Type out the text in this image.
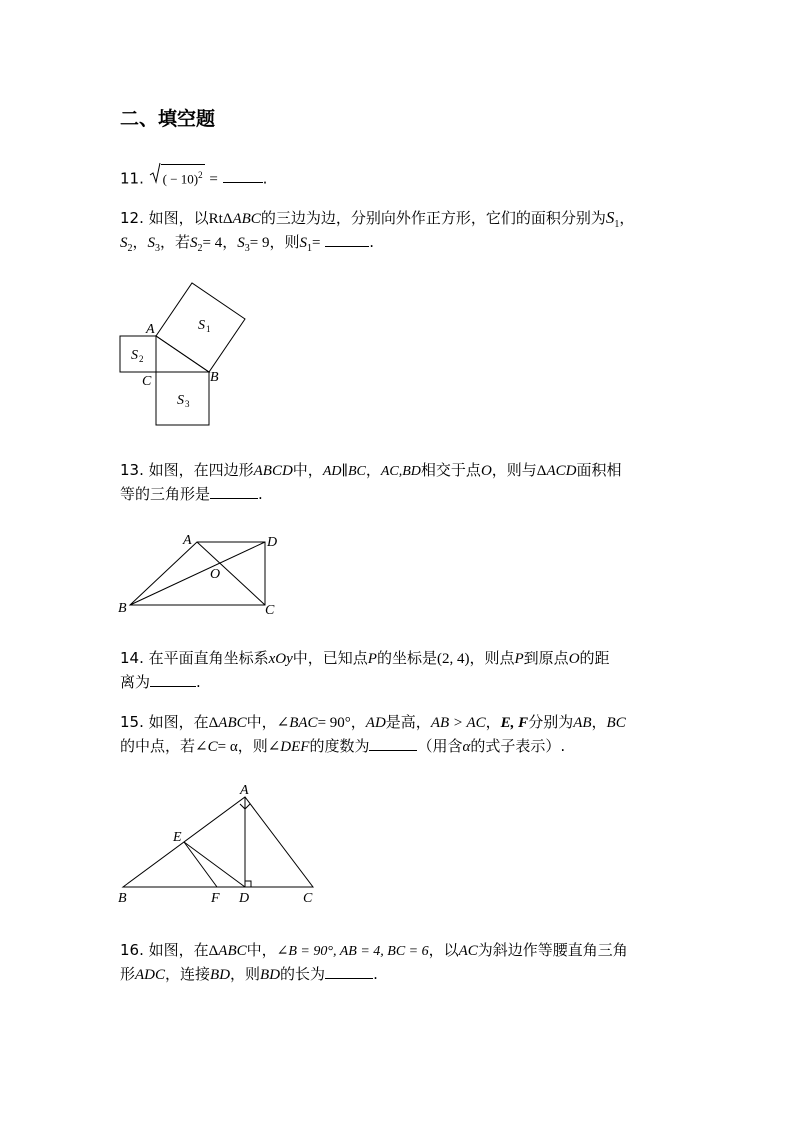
二、填空题
11. ( − 10)$^2$ =	.
12. 如图，以RtΔABC的三边为边，分别向外作正方形，它们的面积分别为$S_1$，
$S_2$，$S_3$，若$S_2= 4$，$S_3= 9$，则$S_1=$	.
A
B
C
S 1
S 2
S 3
13. 如图，在四边形ABCD中，AD∥BC，AC,BD相交于点O，则与ΔACD面积相
等的三角形是	.
A	D
B	C
O
14. 在平面直角坐标系xOy中，已知点P的坐标是(2, 4)，则点P到原点O的距
离为	.
15. 如图，在ΔABC中，∠BAC= 90°，AD是高，AB > AC，E, F分别为AB，BC
的中点，若∠C= α，则∠DEF的度数为	（用含α的式子表示）.
A
B	C
D
E
F
16. 如图，在ΔABC中，∠B = 90°, AB = 4, BC = 6，以AC为斜边作等腰直角三角
形ADC，连接BD，则BD的长为	.
